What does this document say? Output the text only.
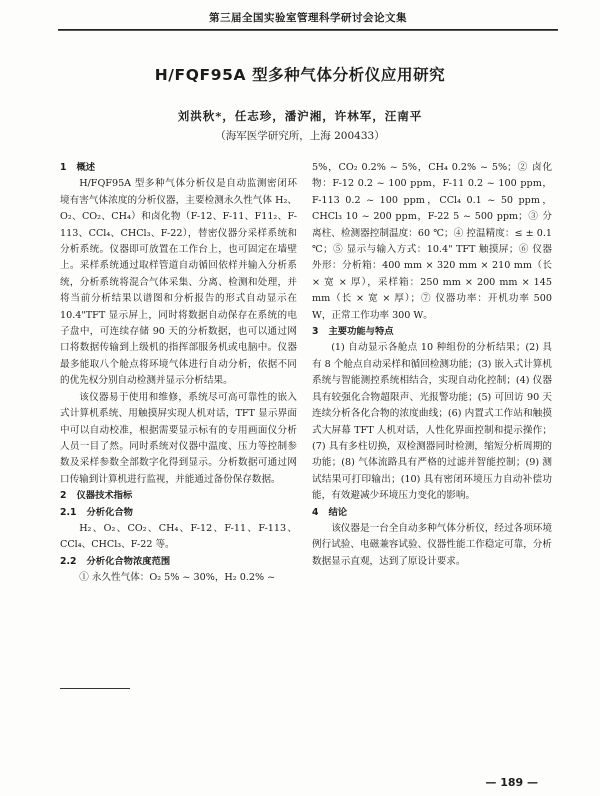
第三届全国实验室管理科学研讨会论文集
H/FQF95A 型多种气体分析仪应用研究
刘洪秋*，任志珍，潘沪湘，许林军，汪南平
（海军医学研究所，上海 200433）

1 概述

H/FQF95A 型多种气体分析仪是自动监测密闭环境有害气体浓度的分析仪器，主要检测永久性气体 H₂、O₂、CO₂、CH₄）和卤化物（F-12、F-11、F11₂、F-113、CCl₄、CHCl₃、F-22），替密仪器分采样系统和分析系统。仪器即可放置在工作台上，也可固定在墙壁上。采样系统通过取样管道自动循回依样并输入分析系统，分析系统将混合气体采集、分离、检测和处理，并将当前分析结果以谱图和分析报告的形式自动显示在 10.4"TFT 显示屏上，同时将数据自动保存在系统的电子盘中，可连续存储 90 天的分析数据，也可以通过网口将数据传输到上级机的指挥部服务机或电脑中。仪器最多能取八个舱点将环境气体进行自动分析，依据不同的优先权分别自动检测并显示分析结果。

该仪器易于使用和维修，系统尽可高可靠性的嵌入式计算机系统、用触摸屏实现人机对话，TFT 显示界面中可以自动校准，根据需要显示标有的专用画面仪分析人员一目了然。同时系统对仪器中温度、压力等控制参数及采样参数全部数字化得到显示。分析数据可通过网口传输到计算机进行监视，并能通过备份保存数据。

2 仪器技术指标

2.1 分析化合物

H₂、O₂、CO₂、CH₄、F-12、F-11、F-113、CCl₄、CHCl₃、F-22 等。

2.2 分析化合物浓度范围

① 永久性气体：O₂ 5% ~ 30%，H₂ 0.2% ~

5%，CO₂ 0.2% ~ 5%，CH₄ 0.2% ~ 5%；② 卤化物：F-12 0.2 ~ 100 ppm，F-11 0.2 ~ 100 ppm，F-113 0.2 ~ 100 ppm，CCl₄ 0.1 ~ 50 ppm，CHCl₃ 10 ~ 200 ppm，F-22 5 ~ 500 ppm；③ 分离柱、检测器控制温度：60 ℃；④ 控温精度：≤ ± 0.1 ℃；⑤ 显示与输入方式：10.4" TFT 触摸屏；⑥ 仪器外形：分析箱：400 mm × 320 mm × 210 mm（长 × 宽 × 厚），采样箱：250 mm × 200 mm × 145 mm（长 × 宽 × 厚）；⑦ 仪器功率：开机功率 500 W，正常工作功率 300 W。

3 主要功能与特点

(1) 自动显示各舱点 10 种组份的分析结果；(2) 具有 8 个舱点自动采样和循回检测功能；(3) 嵌入式计算机系统与智能测控系统相结合，实现自动化控制；(4) 仪器具有较强化合物超限声、光报警功能；(5) 可回访 90 天连续分析各化合物的浓度曲线；(6) 内置式工作站和触摸式大屏幕 TFT 人机对话，人性化界面控制和提示操作；(7) 具有多柱切换，双检测器同时检测，缩短分析周期的功能；(8) 气体流路具有严格的过滤并智能控制；(9) 测试结果可打印输出；(10) 具有密闭环境压力自动补偿功能，有效避减少环境压力变化的影响。

4 结论

该仪器是一台全自动多种气体分析仪，经过各项环境例行试验、电磁兼容试验、仪器性能工作稳定可靠，分析数据显示直观，达到了原设计要求。

— 189 —
